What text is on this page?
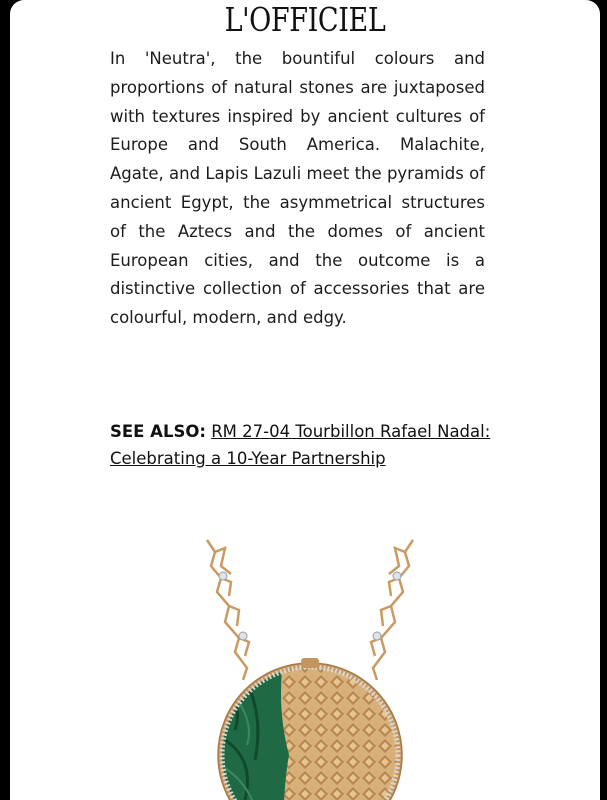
L'OFFICIEL

In 'Neutra', the bountiful colours and proportions of natural stones are juxtaposed with textures inspired by ancient cultures of Europe and South America. Malachite, Agate, and Lapis Lazuli meet the pyramids of ancient Egypt, the asymmetrical structures of the Aztecs and the domes of ancient European cities, and the outcome is a distinctive collection of accessories that are colourful, modern, and edgy.

SEE ALSO: RM 27-04 Tourbillon Rafael Nadal: Celebrating a 10-Year Partnership
